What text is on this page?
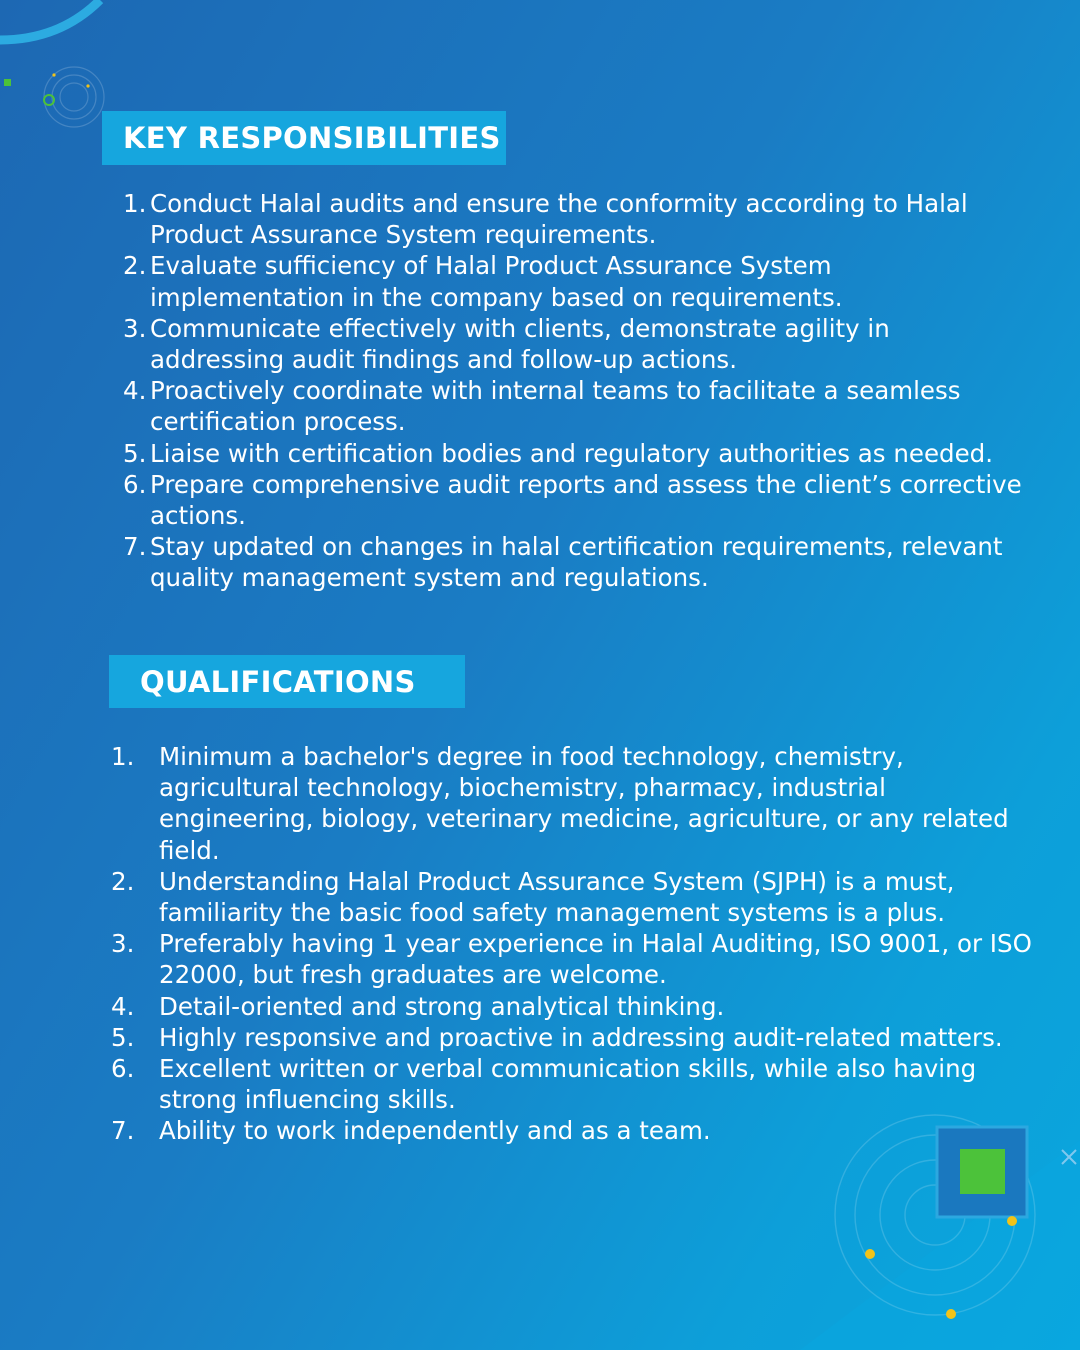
KEY RESPONSIBILITIES
1. Conduct Halal audits and ensure the conformity according to Halal Product Assurance System requirements.
2. Evaluate sufficiency of Halal Product Assurance System implementation in the company based on requirements.
3. Communicate effectively with clients, demonstrate agility in addressing audit findings and follow-up actions.
4. Proactively coordinate with internal teams to facilitate a seamless certification process.
5. Liaise with certification bodies and regulatory authorities as needed.
6. Prepare comprehensive audit reports and assess the client’s corrective actions.
7. Stay updated on changes in halal certification requirements, relevant quality management system and regulations.
QUALIFICATIONS
1. Minimum a bachelor's degree in food technology, chemistry, agricultural technology, biochemistry, pharmacy, industrial engineering, biology, veterinary medicine, agriculture, or any related field.
2. Understanding Halal Product Assurance System (SJPH) is a must, familiarity the basic food safety management systems is a plus.
3. Preferably having 1 year experience in Halal Auditing, ISO 9001, or ISO 22000, but fresh graduates are welcome.
4. Detail-oriented and strong analytical thinking.
5. Highly responsive and proactive in addressing audit-related matters.
6. Excellent written or verbal communication skills, while also having strong influencing skills.
7. Ability to work independently and as a team.
